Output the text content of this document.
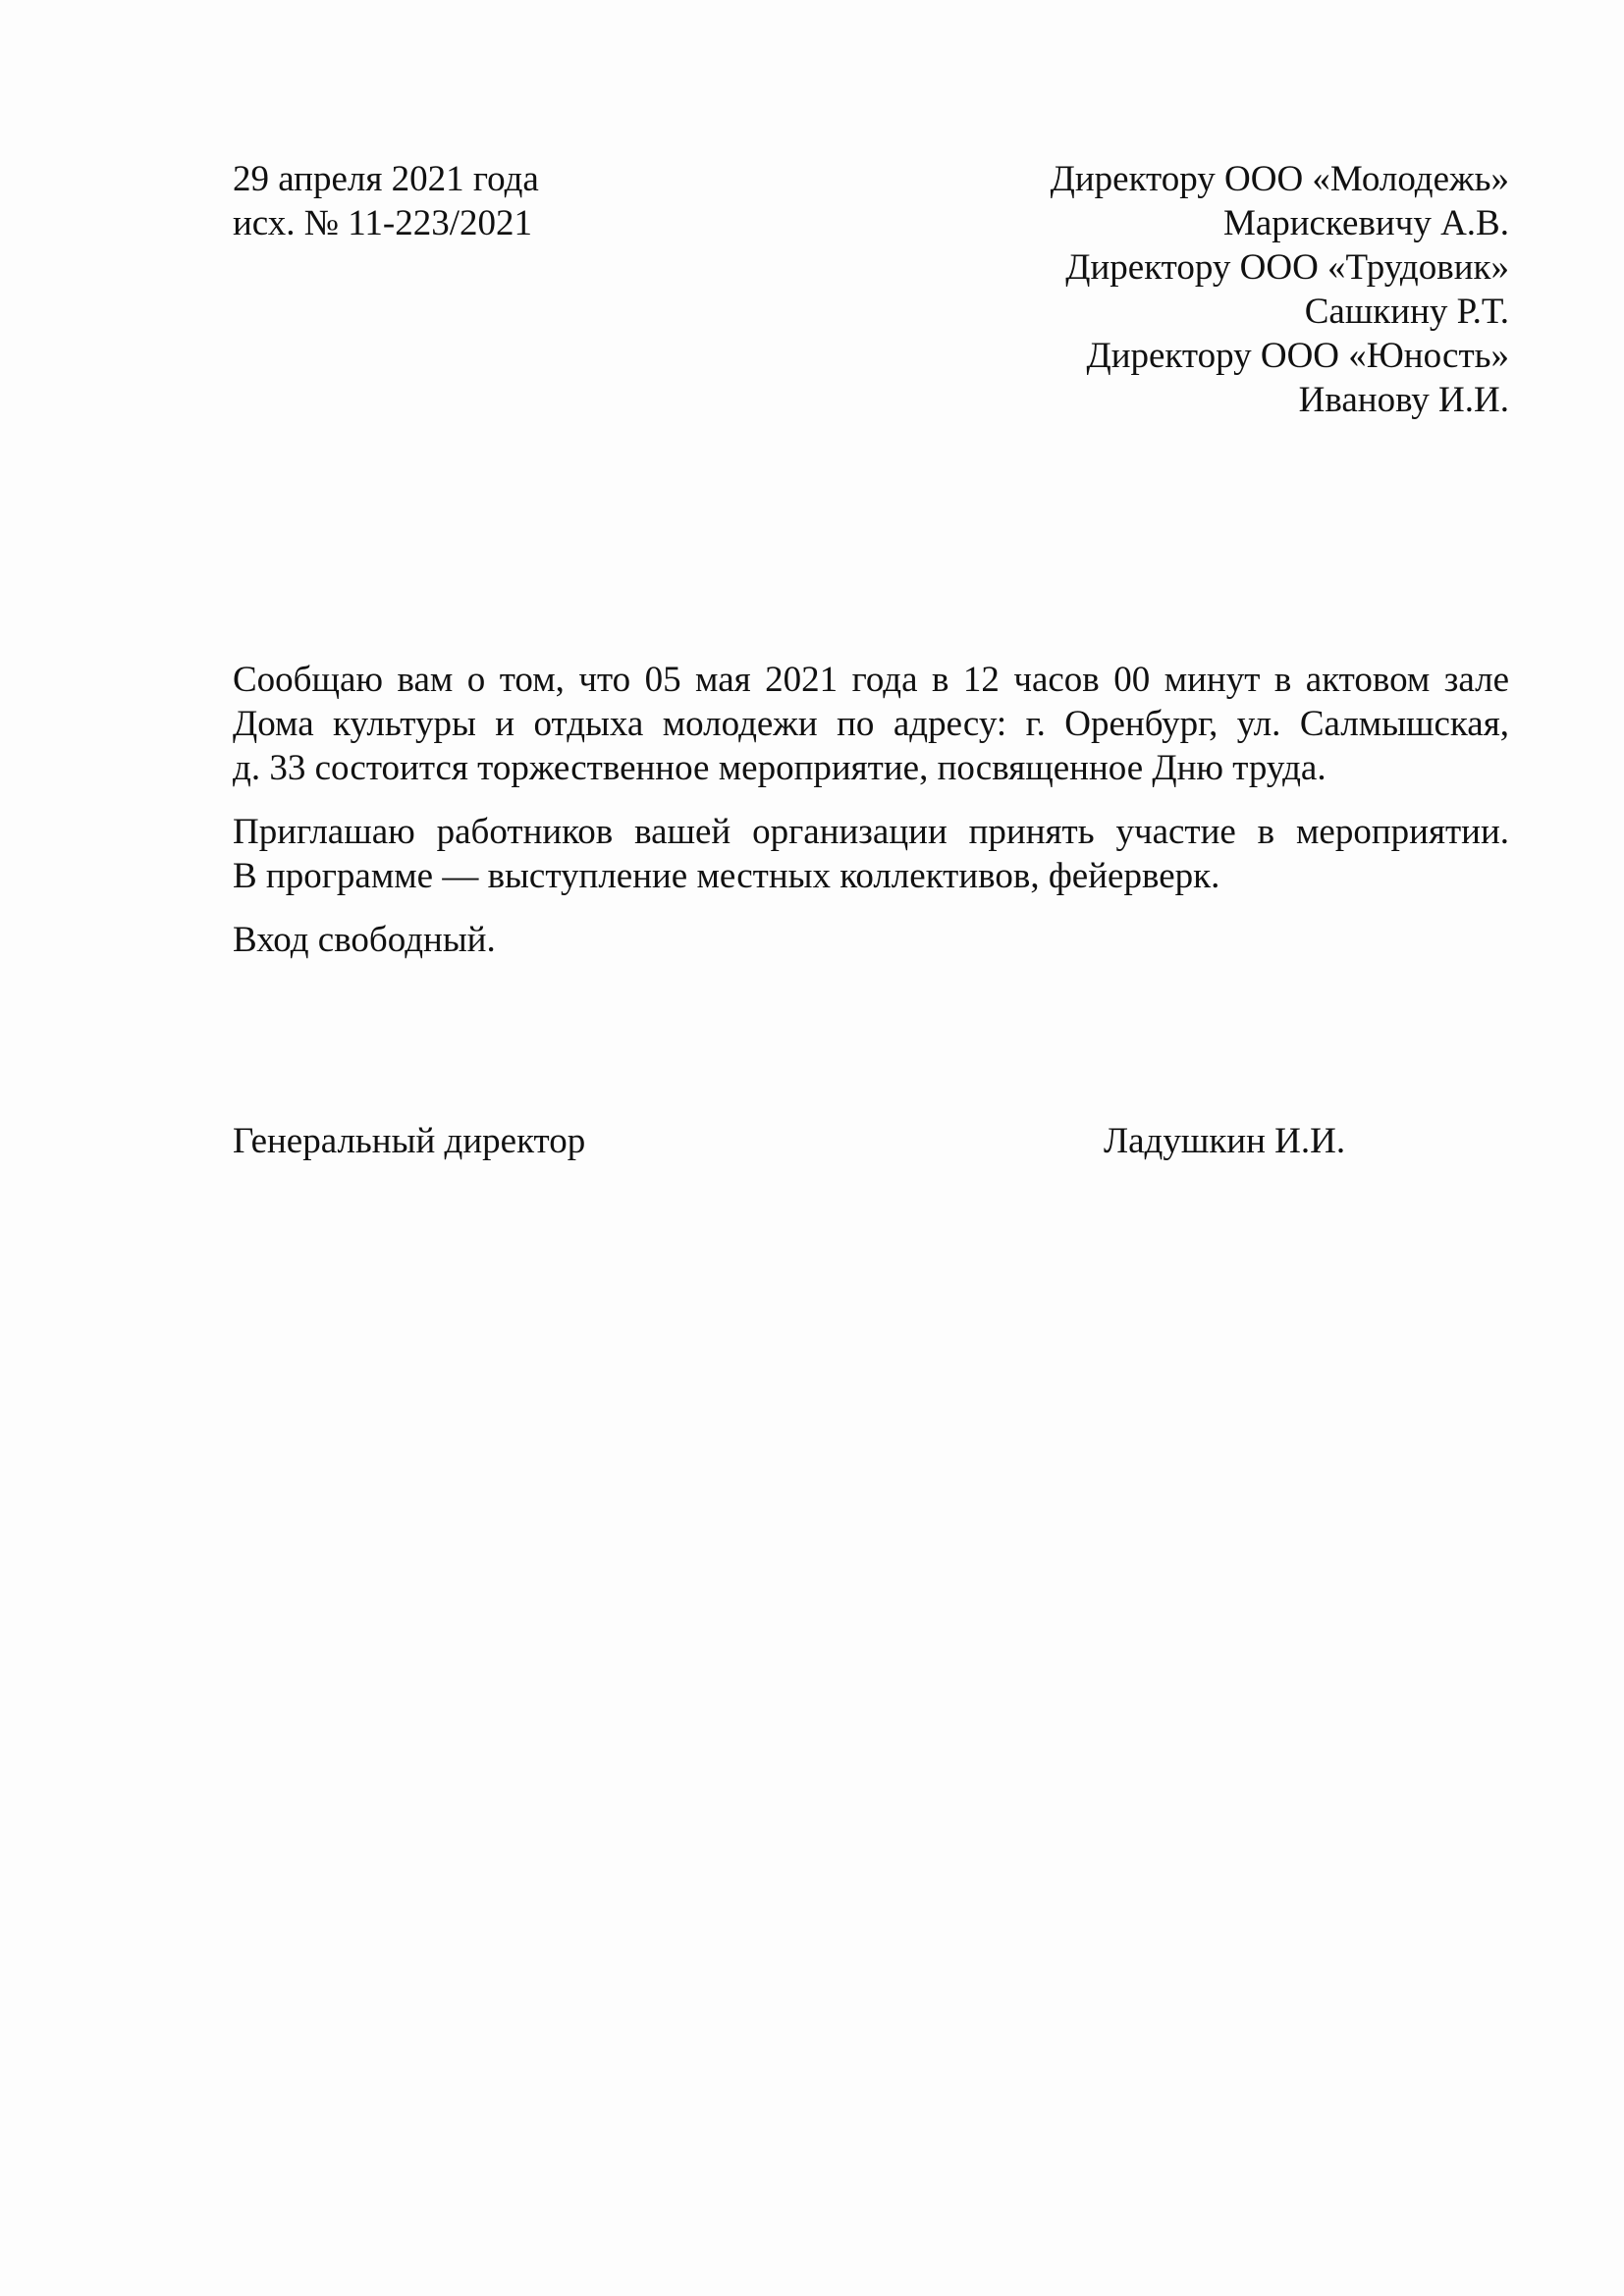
29 апреля 2021 года
исх. № 11-223/2021
Директору ООО «Молодежь»
Марискевичу А.В.
Директору ООО «Трудовик»
Сашкину Р.Т.
Директору ООО «Юность»
Иванову И.И.
Сообщаю вам о том, что 05 мая 2021 года в 12 часов 00 минут в актовом зале
Дома культуры и отдыха молодежи по адресу: г. Оренбург, ул. Салмышская,
д. 33 состоится торжественное мероприятие, посвященное Дню труда.
Приглашаю работников вашей организации принять участие в мероприятии.
В программе — выступление местных коллективов, фейерверк.
Вход свободный.
Генеральный директор	Ладушкин И.И.
